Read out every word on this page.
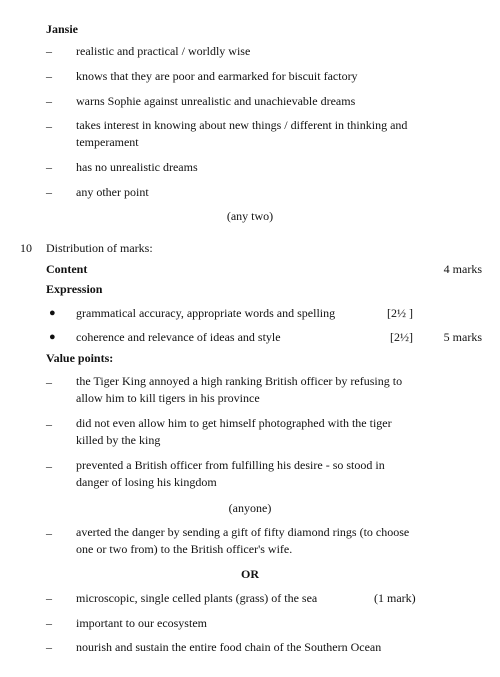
Jansie
–	realistic and practical / worldly wise
–	knows that they are poor and earmarked for biscuit factory
–	warns Sophie against unrealistic and unachievable dreams
–	takes interest in knowing about new things / different in thinking and temperament
–	has no unrealistic dreams
–	any other point
(any two)
10 Distribution of marks:
Content	4 marks
Expression
● grammatical accuracy, appropriate words and spelling	[2½ ]
● coherence and relevance of ideas and style	[2½]	5 marks
Value points:
–	the Tiger King annoyed a high ranking British officer by refusing to allow him to kill tigers in his province
–	did not even allow him to get himself photographed with the tiger killed by the king
–	prevented a British officer from fulfilling his desire - so stood in danger of losing his kingdom
(anyone)
–	averted the danger by sending a gift of fifty diamond rings (to choose one or two from) to the British officer's wife.
OR
–	microscopic, single celled plants (grass) of the sea	(1 mark)
–	important to our ecosystem
–	nourish and sustain the entire food chain of the Southern Ocean
